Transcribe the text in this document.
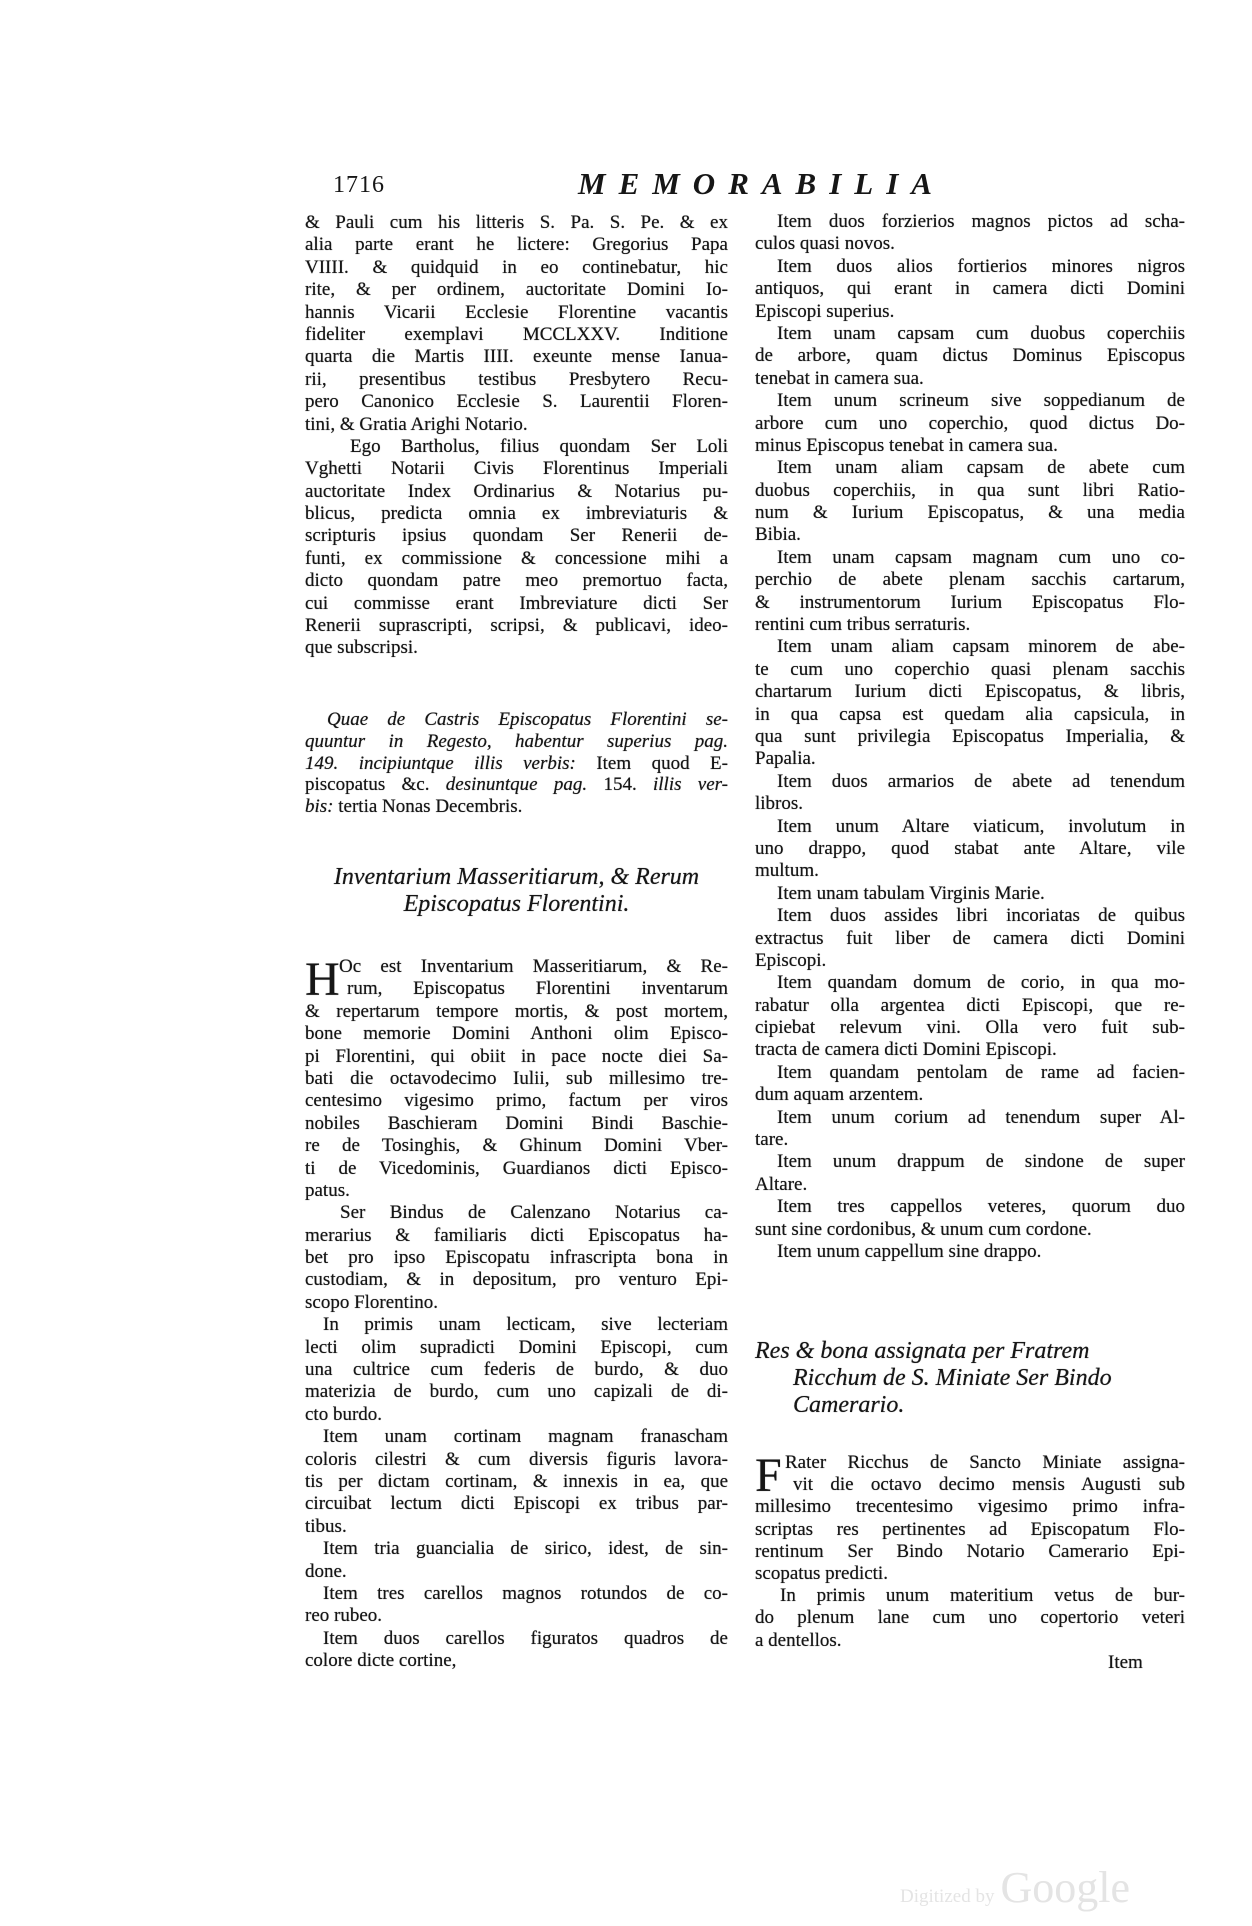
1716	MEMORABILIA
& Pauli cum his litteris S. Pa. S. Pe. & ex
alia parte erant he lictere: Gregorius Papa
VIIII. & quidquid in eo continebatur, hic
rite, & per ordinem, auctoritate Domini Io-
hannis Vicarii Ecclesie Florentine vacantis
fideliter exemplavi MCCLXXV. Inditione
quarta die Martis IIII. exeunte mense Ianua-
rii, presentibus testibus Presbytero Recu-
pero Canonico Ecclesie S. Laurentii Floren-
tini, & Gratia Arighi Notario.
Ego Bartholus, filius quondam Ser Loli
Vghetti Notarii Civis Florentinus Imperiali
auctoritate Index Ordinarius & Notarius pu-
blicus, predicta omnia ex imbreviaturis &
scripturis ipsius quondam Ser Renerii de-
funti, ex commissione & concessione mihi a
dicto quondam patre meo premortuo facta,
cui commisse erant Imbreviature dicti Ser
Renerii suprascripti, scripsi, & publicavi, ideo-
que subscripsi.
Quae de Castris Episcopatus Florentini se-
quuntur in Regesto, habentur superius pag.
149. incipiuntque illis verbis: Item quod E-
piscopatus &c. desinuntque pag. 154. illis ver-
bis: tertia Nonas Decembris.
Inventarium Masseritiarum, & Rerum
Episcopatus Florentini.
H Oc est Inventarium Masseritiarum, & Re-
rum, Episcopatus Florentini inventarum
& repertarum tempore mortis, & post mortem,
bone memorie Domini Anthoni olim Episco-
pi Florentini, qui obiit in pace nocte diei Sa-
bati die octavodecimo Iulii, sub millesimo tre-
centesimo vigesimo primo, factum per viros
nobiles Baschieram Domini Bindi Baschie-
re de Tosinghis, & Ghinum Domini Vber-
ti de Vicedominis, Guardianos dicti Episco-
patus.
Ser Bindus de Calenzano Notarius ca-
merarius & familiaris dicti Episcopatus ha-
bet pro ipso Episcopatu infrascripta bona in
custodiam, & in depositum, pro venturo Epi-
scopo Florentino.
In primis unam lecticam, sive lecteriam
lecti olim supradicti Domini Episcopi, cum
una cultrice cum federis de burdo, & duo
materizia de burdo, cum uno capizali de di-
cto burdo.
Item unam cortinam magnam franascham
coloris cilestri & cum diversis figuris lavora-
tis per dictam cortinam, & innexis in ea, que
circuibat lectum dicti Episcopi ex tribus par-
tibus.
Item tria guancialia de sirico, idest, de sin-
done.
Item tres carellos magnos rotundos de co-
reo rubeo.
Item duos carellos figuratos quadros de
colore dicte cortine,
Item duos forzierios magnos pictos ad scha-
culos quasi novos.
Item duos alios fortierios minores nigros
antiquos, qui erant in camera dicti Domini
Episcopi superius.
Item unam capsam cum duobus coperchiis
de arbore, quam dictus Dominus Episcopus
tenebat in camera sua.
Item unum scrineum sive soppedianum de
arbore cum uno coperchio, quod dictus Do-
minus Episcopus tenebat in camera sua.
Item unam aliam capsam de abete cum
duobus coperchiis, in qua sunt libri Ratio-
num & Iurium Episcopatus, & una media
Bibia.
Item unam capsam magnam cum uno co-
perchio de abete plenam sacchis cartarum,
& instrumentorum Iurium Episcopatus Flo-
rentini cum tribus serraturis.
Item unam aliam capsam minorem de abe-
te cum uno coperchio quasi plenam sacchis
chartarum Iurium dicti Episcopatus, & libris,
in qua capsa est quedam alia capsicula, in
qua sunt privilegia Episcopatus Imperialia, &
Papalia.
Item duos armarios de abete ad tenendum
libros.
Item unum Altare viaticum, involutum in
uno drappo, quod stabat ante Altare, vile
multum.
Item unam tabulam Virginis Marie.
Item duos assides libri incoriatas de quibus
extractus fuit liber de camera dicti Domini
Episcopi.
Item quandam domum de corio, in qua mo-
rabatur olla argentea dicti Episcopi, que re-
cipiebat relevum vini. Olla vero fuit sub-
tracta de camera dicti Domini Episcopi.
Item quandam pentolam de rame ad facien-
dum aquam arzentem.
Item unum corium ad tenendum super Al-
tare.
Item unum drappum de sindone de super
Altare.
Item tres cappellos veteres, quorum duo
sunt sine cordonibus, & unum cum cordone.
Item unum cappellum sine drappo.
Res & bona assignata per Fratrem
Ricchum de S. Miniate Ser Bindo
Camerario.
F Rater Ricchus de Sancto Miniate assigna-
vit die octavo decimo mensis Augusti sub
millesimo trecentesimo vigesimo primo infra-
scriptas res pertinentes ad Episcopatum Flo-
rentinum Ser Bindo Notario Camerario Epi-
scopatus predicti.
In primis unum materitium vetus de bur-
do plenum lane cum uno copertorio veteri
a dentellos.
Item
Digitized by Google
